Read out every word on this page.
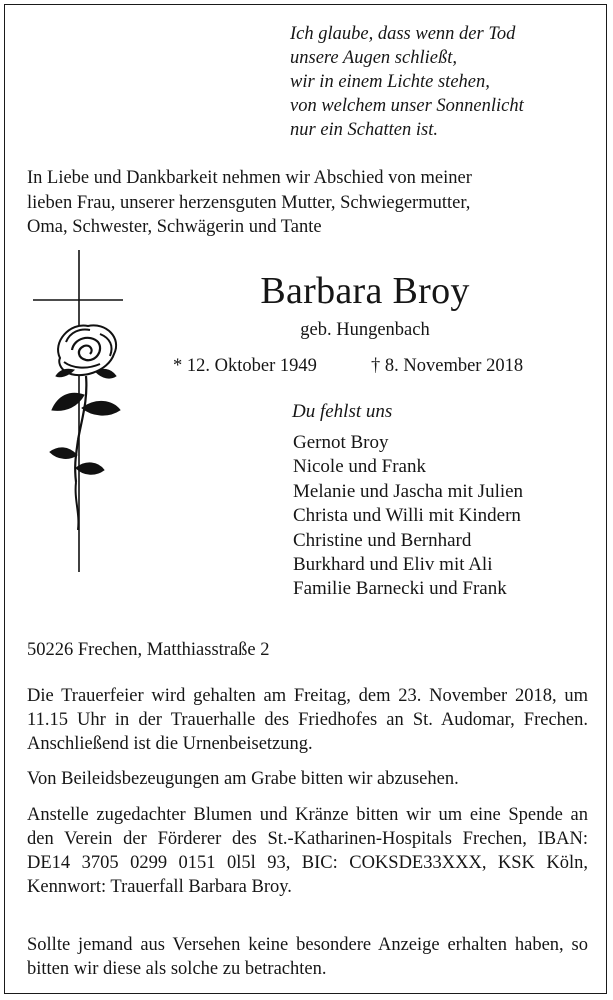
Ich glaube, dass wenn der Tod
unsere Augen schließt,
wir in einem Lichte stehen,
von welchem unser Sonnenlicht
nur ein Schatten ist.
In Liebe und Dankbarkeit nehmen wir Abschied von meiner
lieben Frau, unserer herzensguten Mutter, Schwiegermutter,
Oma, Schwester, Schwägerin und Tante
Barbara Broy
geb. Hungenbach
* 12. Oktober 1949	† 8. November 2018
Du fehlst uns
Gernot Broy
Nicole und Frank
Melanie und Jascha mit Julien
Christa und Willi mit Kindern
Christine und Bernhard
Burkhard und Eliv mit Ali
Familie Barnecki und Frank
50226 Frechen, Matthiasstraße 2
Die Trauerfeier wird gehalten am Freitag, dem 23. November 2018, um 11.15 Uhr in der Trauerhalle des Friedhofes an St. Audomar, Frechen. Anschließend ist die Urnenbeisetzung.
Von Beileidsbezeugungen am Grabe bitten wir abzusehen.
Anstelle zugedachter Blumen und Kränze bitten wir um eine Spende an den Verein der Förderer des St.-Katharinen-Hospitals Frechen, IBAN: DE14 3705 0299 0151 0l5l 93, BIC: COKSDE33XXX, KSK Köln, Kennwort: Trauerfall Barbara Broy.
Sollte jemand aus Versehen keine besondere Anzeige erhalten haben, so bitten wir diese als solche zu betrachten.
